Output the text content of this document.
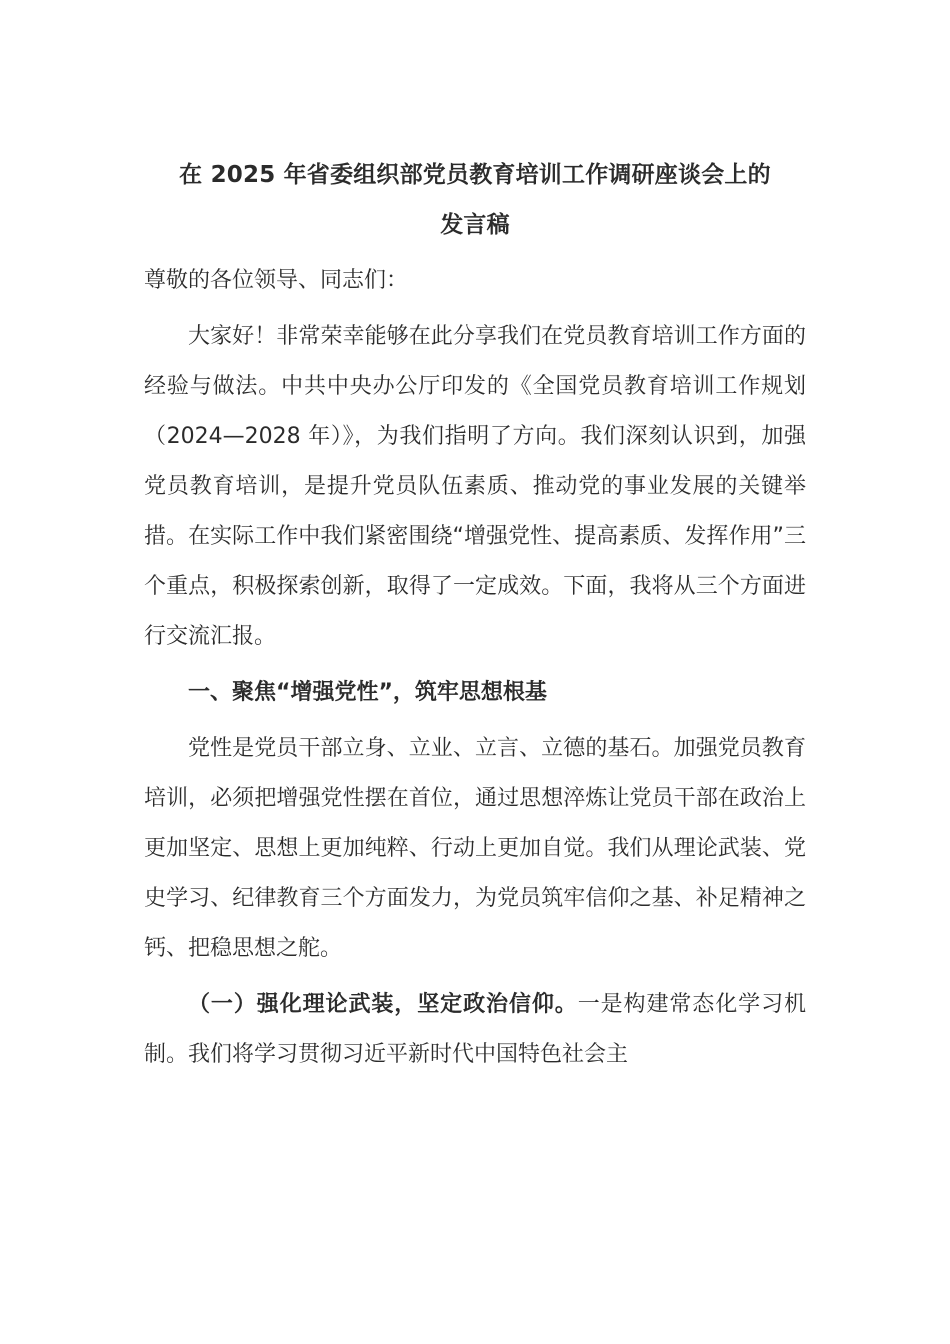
在 2025 年省委组织部党员教育培训工作调研座谈会上的
发言稿
尊敬的各位领导、同志们：

大家好！非常荣幸能够在此分享我们在党员教育培训工作方面的经验与做法。中共中央办公厅印发的《全国党员教育培训工作规划（2024—2028 年）》，为我们指明了方向。我们深刻认识到，加强党员教育培训，是提升党员队伍素质、推动党的事业发展的关键举措。在实际工作中我们紧密围绕“增强党性、提高素质、发挥作用”三个重点，积极探索创新，取得了一定成效。下面，我将从三个方面进行交流汇报。

一、聚焦“增强党性”，筑牢思想根基

党性是党员干部立身、立业、立言、立德的基石。加强党员教育培训，必须把增强党性摆在首位，通过思想淬炼让党员干部在政治上更加坚定、思想上更加纯粹、行动上更加自觉。我们从理论武装、党史学习、纪律教育三个方面发力，为党员筑牢信仰之基、补足精神之钙、把稳思想之舵。

（一）强化理论武装，坚定政治信仰。一是构建常态化学习机制。我们将学习贯彻习近平新时代中国特色社会主
